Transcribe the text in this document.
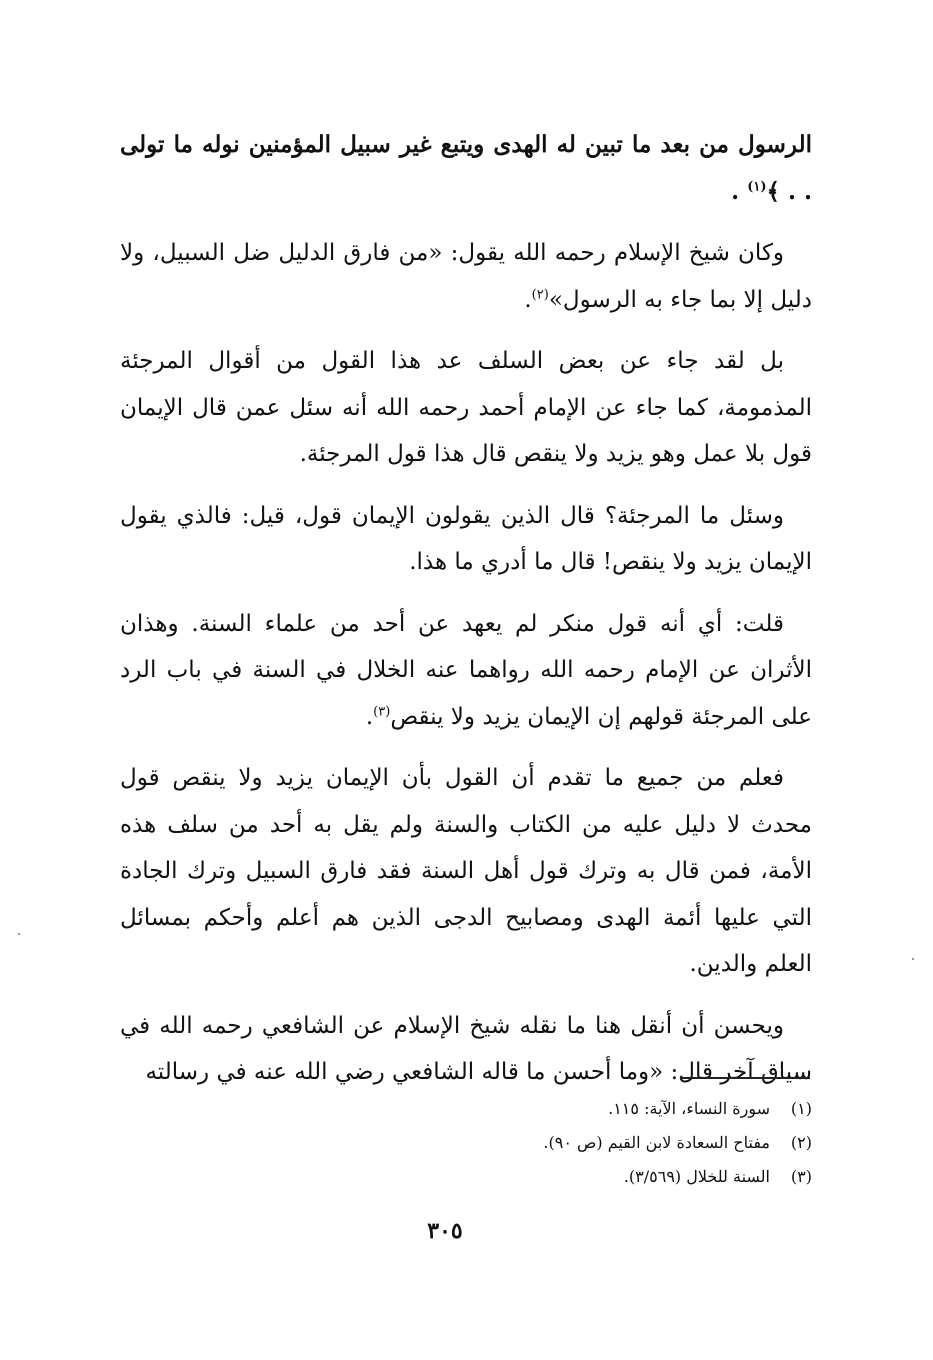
الرسول من بعد ما تبين له الهدى ويتبع غير سبيل المؤمنين نوله ما تولى . . ﴾$^{(١)}$ .

وكان شيخ الإسلام رحمه الله يقول: «من فارق الدليل ضل السبيل، ولا دليل إلا بما جاء به الرسول»$^{(٢)}$.

بل لقد جاء عن بعض السلف عد هذا القول من أقوال المرجئة المذمومة، كما جاء عن الإمام أحمد رحمه الله أنه سئل عمن قال الإيمان قول بلا عمل وهو يزيد ولا ينقص قال هذا قول المرجئة.

وسئل ما المرجئة؟ قال الذين يقولون الإيمان قول، قيل: فالذي يقول الإيمان يزيد ولا ينقص! قال ما أدري ما هذا.

قلت: أي أنه قول منكر لم يعهد عن أحد من علماء السنة. وهذان الأثران عن الإمام رحمه الله رواهما عنه الخلال في السنة في باب الرد على المرجئة قولهم إن الإيمان يزيد ولا ينقص$^{(٣)}$.

فعلم من جميع ما تقدم أن القول بأن الإيمان يزيد ولا ينقص قول محدث لا دليل عليه من الكتاب والسنة ولم يقل به أحد من سلف هذه الأمة، فمن قال به وترك قول أهل السنة فقد فارق السبيل وترك الجادة التي عليها أئمة الهدى ومصابيح الدجى الذين هم أعلم وأحكم بمسائل العلم والدين.

ويحسن أن أنقل هنا ما نقله شيخ الإسلام عن الشافعي رحمه الله في سياق آخر قال: «وما أحسن ما قاله الشافعي رضي الله عنه في رسالته

(١)سورة النساء، الآية: ١١٥.

(٢)مفتاح السعادة لابن القيم (ص ٩٠).

(٣)السنة للخلال (٣/٥٦٩).

٣٠٥
